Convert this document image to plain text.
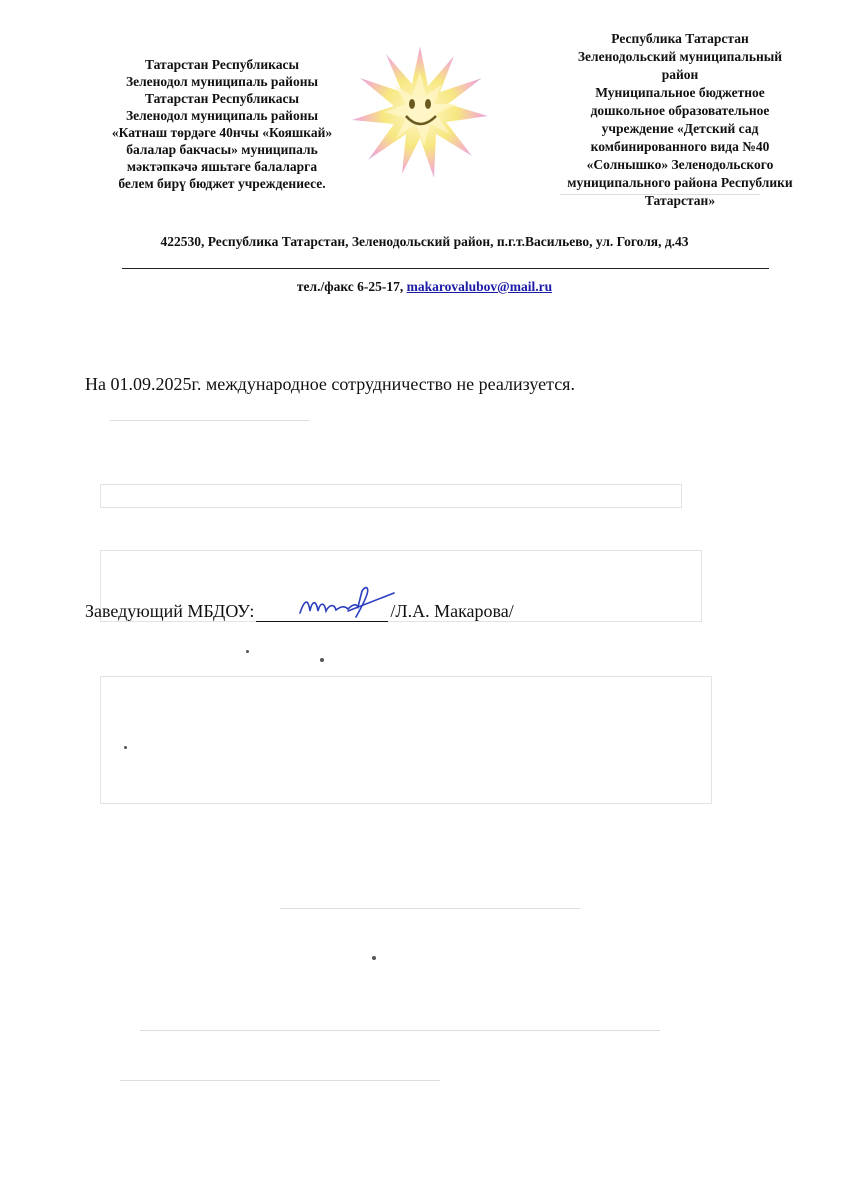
Татарстан Республикасы
Зеленодол муниципаль районы
Татарстан Республикасы
Зеленодол муниципаль районы
«Катнаш төрдәге 40нчы «Кояшкай»
балалар бакчасы» муниципаль
мәктәпкәчә яшьтәге балаларга
белем бирү бюджет учреждениесе.
Республика Татарстан
Зеленодольский муниципальный
район
Муниципальное бюджетное
дошкольное образовательное
учреждение «Детский сад
комбинированного вида №40
«Солнышко» Зеленодольского
муниципального района Республики
Татарстан»
422530, Республика Татарстан, Зеленодольский район, п.г.т.Васильево, ул. Гоголя, д.43
тел./факс 6-25-17, makarovalubov@mail.ru
На 01.09.2025г. международное сотрудничество не реализуется.
Заведующий МБДОУ:	/Л.А. Макарова/
